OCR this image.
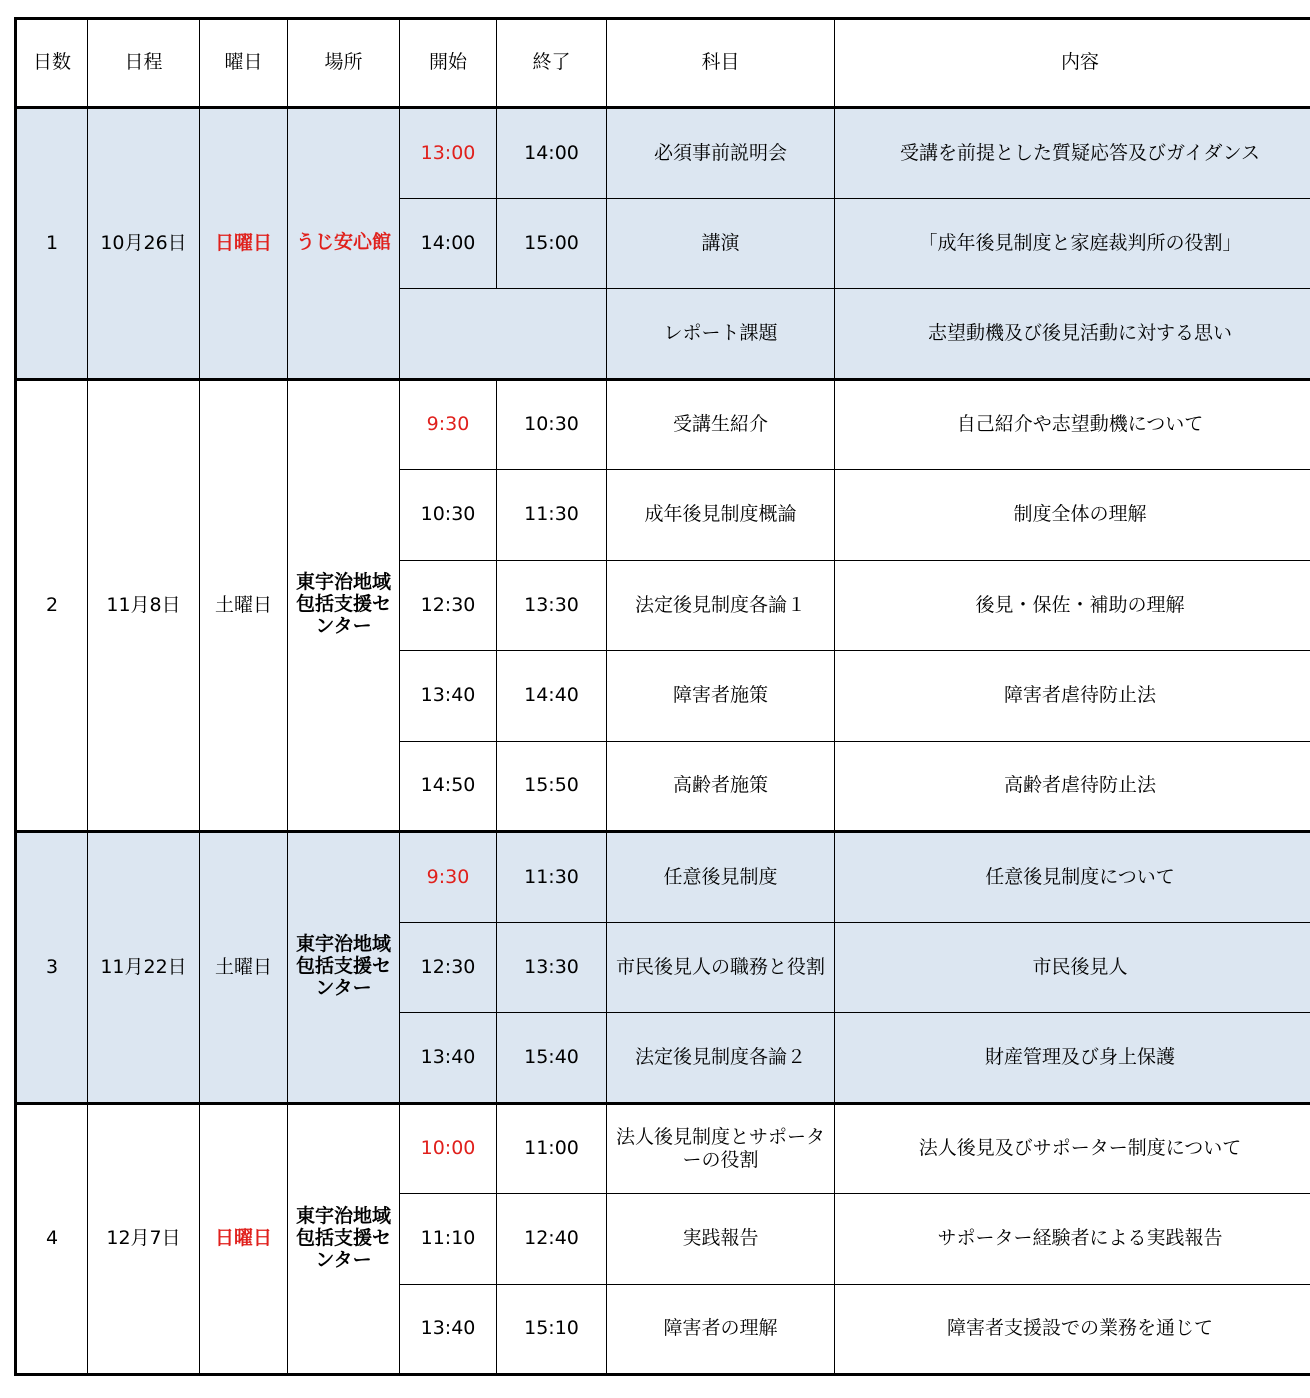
日数	日程	曜日	場所	開始	終了	科目	内容
1	10月26日	日曜日	うじ安心館	13:00	14:00	必須事前説明会	受講を前提とした質疑応答及びガイダンス
				14:00	15:00	講演	「成年後見制度と家庭裁判所の役割」
						レポート課題	志望動機及び後見活動に対する思い
2	11月8日	土曜日	東宇治地域包括支援センター	9:30	10:30	受講生紹介	自己紹介や志望動機について
				10:30	11:30	成年後見制度概論	制度全体の理解
				12:30	13:30	法定後見制度各論１	後見・保佐・補助の理解
				13:40	14:40	障害者施策	障害者虐待防止法
				14:50	15:50	高齢者施策	高齢者虐待防止法
3	11月22日	土曜日	東宇治地域包括支援センター	9:30	11:30	任意後見制度	任意後見制度について
				12:30	13:30	市民後見人の職務と役割	市民後見人
				13:40	15:40	法定後見制度各論２	財産管理及び身上保護
4	12月7日	日曜日	東宇治地域包括支援センター	10:00	11:00	法人後見制度とサポーターの役割	法人後見及びサポーター制度について
				11:10	12:40	実践報告	サポーター経験者による実践報告
				13:40	15:10	障害者の理解	障害者支援設での業務を通じて
